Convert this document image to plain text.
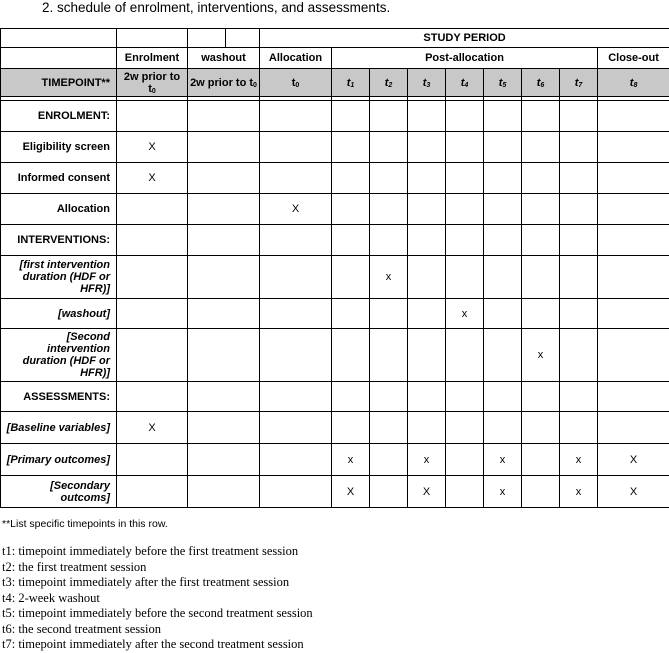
2. schedule of enrolment, interventions, and assessments.
				STUDY PERIOD								
	Enrolment	washout		Allocation	Post-allocation							Close-out
TIMEPOINT**	2w prior to t0	2w prior to t0		t0	t1	t2	t3	t4	t5	t6	t7	t8

ENROLMENT:												
Eligibility screen	X											
Informed consent	X											
Allocation				X								
INTERVENTIONS:												
[first intervention duration (HDF or HFR)]						x						
[washout]								x				
[Second intervention duration (HDF or HFR)]										x		
ASSESSMENTS:												
[Baseline variables]	X											
[Primary outcomes]					x		x		x		x	X
[Secondary outcoms]					X		X		x		x	X
**List specific timepoints in this row.
t1: timepoint immediately before the first treatment session
t2: the first treatment session
t3: timepoint immediately after the first treatment session
t4: 2-week washout
t5: timepoint immediately before the second treatment session
t6: the second treatment session
t7: timepoint immediately after the second treatment session
